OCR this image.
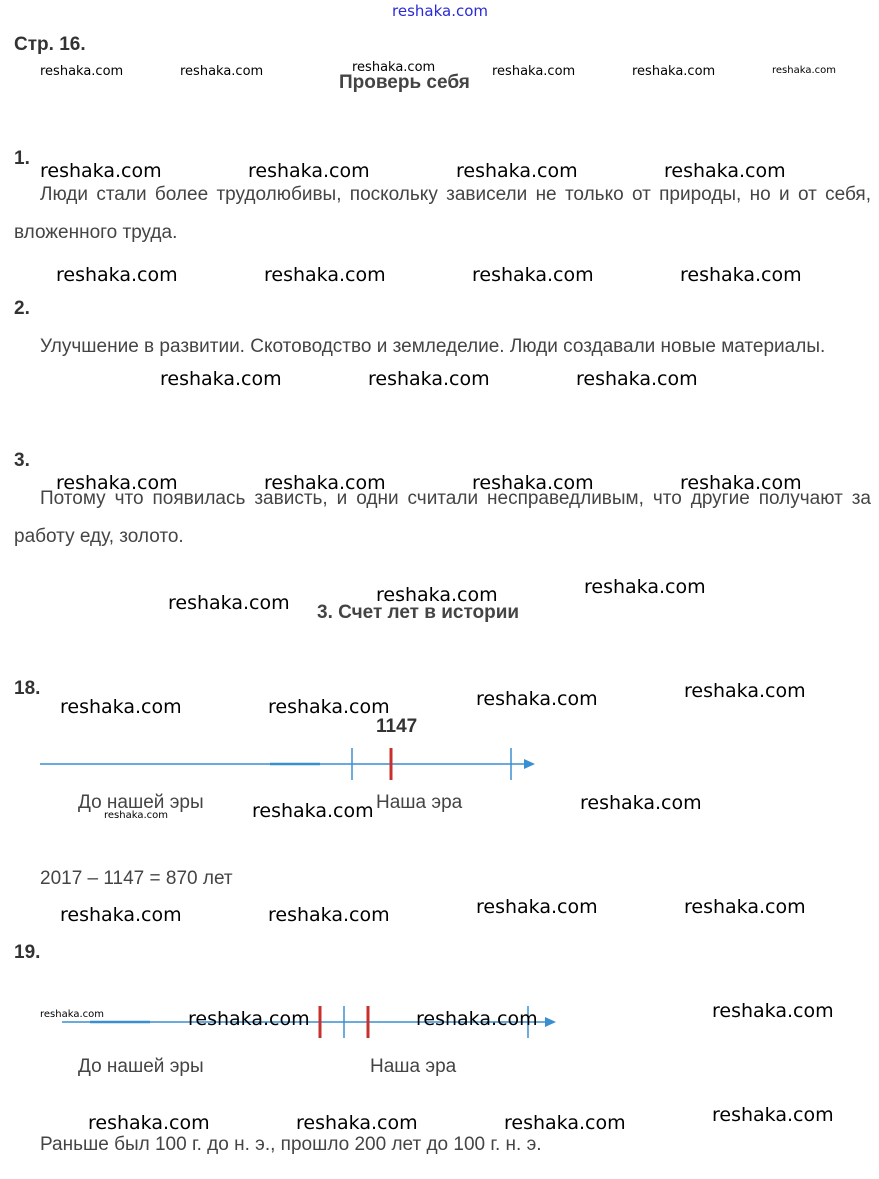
reshaka.com
Стр. 16.
reshaka.com	reshaka.com	reshaka.com	reshaka.com	reshaka.com	reshaka.com
Проверь себя
1.
reshaka.com	reshaka.com	reshaka.com	reshaka.com
Люди стали более трудолюбивы, поскольку зависели не только от природы, но и от себя, вложенного труда.
reshaka.com	reshaka.com	reshaka.com	reshaka.com
2.
Улучшение в развитии. Скотоводство и земледелие. Люди создавали новые материалы.
reshaka.com	reshaka.com	reshaka.com
3.
reshaka.com	reshaka.com	reshaka.com	reshaka.com
Потому что появилась зависть, и одни считали несправедливым, что другие получают за работу еду, золото.
reshaka.com	reshaka.com
reshaka.com 3. Счет лет в истории
18.	reshaka.com	reshaka.com
reshaka.com	reshaka.com
1147
До нашей эры
reshaka.com
Наша эра
reshaka.com	reshaka.com
2017 – 1147 = 870 лет
reshaka.com	reshaka.com	reshaka.com	reshaka.com
19.
reshaka.com
reshaka.com	reshaka.com	reshaka.com
До нашей эры	Наша эра
reshaka.com	reshaka.com	reshaka.com	reshaka.com
Раньше был 100 г. до н. э., прошло 200 лет до 100 г. н. э.
